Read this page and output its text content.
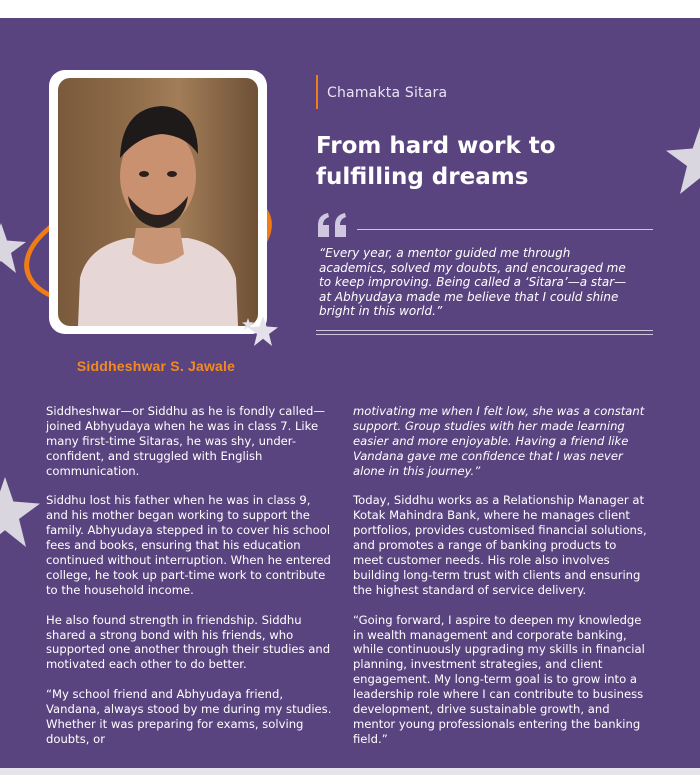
Siddheshwar S. Jawale
Chamakta Sitara
From hard work to fulfilling dreams
“Every year, a mentor guided me through academics, solved my doubts, and encouraged me to keep improving. Being called a ‘Sitara’—a star—at Abhyudaya made me believe that I could shine bright in this world.”

Siddheshwar—or Siddhu as he is fondly called—joined Abhyudaya when he was in class 7. Like many first-time Sitaras, he was shy, under-confident, and struggled with English communication.

Siddhu lost his father when he was in class 9, and his mother began working to support the family. Abhyudaya stepped in to cover his school fees and books, ensuring that his education continued without interruption. When he entered college, he took up part-time work to contribute to the household income.

He also found strength in friendship. Siddhu shared a strong bond with his friends, who supported one another through their studies and motivated each other to do better.

“My school friend and Abhyudaya friend, Vandana, always stood by me during my studies. Whether it was preparing for exams, solving doubts, or

motivating me when I felt low, she was a constant support. Group studies with her made learning easier and more enjoyable. Having a friend like Vandana gave me confidence that I was never alone in this journey.”

Today, Siddhu works as a Relationship Manager at Kotak Mahindra Bank, where he manages client portfolios, provides customised financial solutions, and promotes a range of banking products to meet customer needs. His role also involves building long-term trust with clients and ensuring the highest standard of service delivery.

“Going forward, I aspire to deepen my knowledge in wealth management and corporate banking, while continuously upgrading my skills in financial planning, investment strategies, and client engagement. My long-term goal is to grow into a leadership role where I can contribute to business development, drive sustainable growth, and mentor young professionals entering the banking field.”
